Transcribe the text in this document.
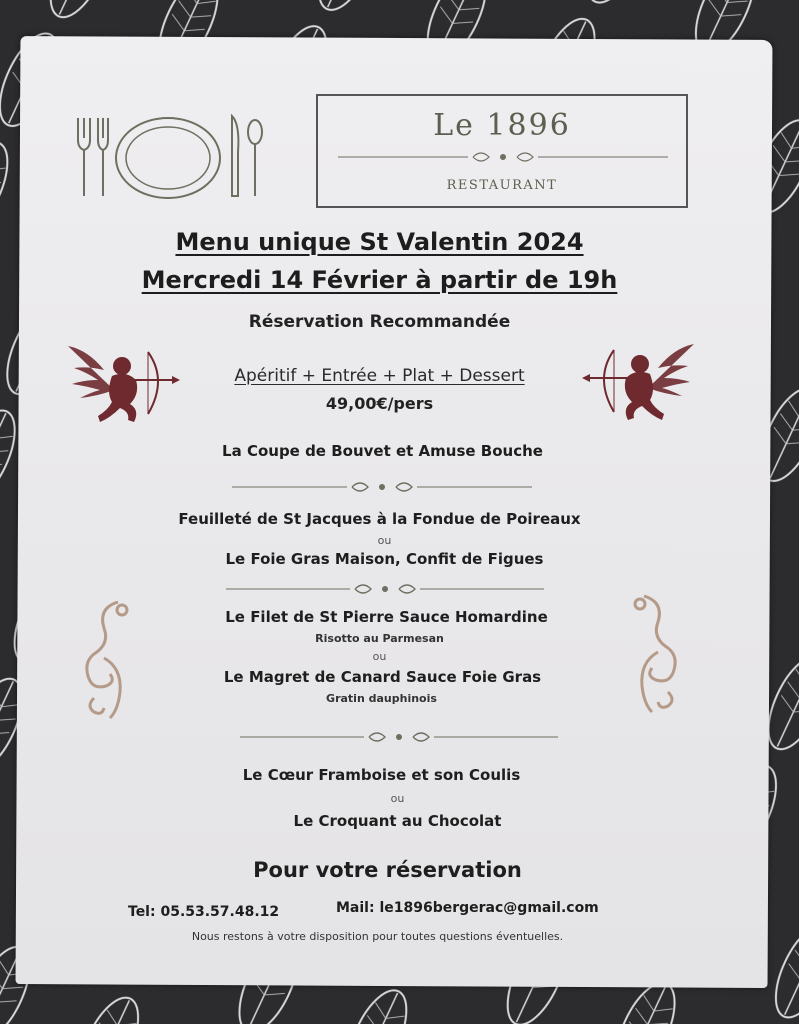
Le 1896
RESTAURANT
Menu unique St Valentin 2024
Mercredi 14 Février à partir de 19h
Réservation Recommandée
Apéritif + Entrée + Plat + Dessert
49,00€/pers
La Coupe de Bouvet et Amuse Bouche
Feuilleté de St Jacques à la Fondue de Poireaux
ou
Le Foie Gras Maison, Confit de Figues
Le Filet de St Pierre Sauce Homardine
Risotto au Parmesan
ou
Le Magret de Canard Sauce Foie Gras
Gratin dauphinois
Le Cœur Framboise et son Coulis
ou
Le Croquant au Chocolat
Pour votre réservation
Tel: 05.53.57.48.12	Mail: le1896bergerac@gmail.com
Nous restons à votre disposition pour toutes questions éventuelles.
